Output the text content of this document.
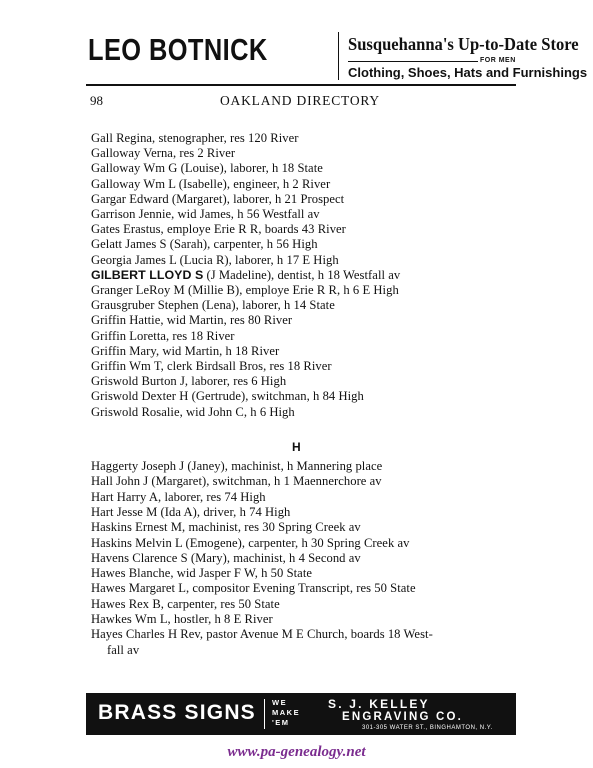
LEO BOTNICK	Susquehanna's Up-to-Date Store
FOR MEN
Clothing, Shoes, Hats and Furnishings
98	OAKLAND DIRECTORY
Gall Regina, stenographer, res 120 River
Galloway Verna, res 2 River
Galloway Wm G (Louise), laborer, h 18 State
Galloway Wm L (Isabelle), engineer, h 2 River
Gargar Edward (Margaret), laborer, h 21 Prospect
Garrison Jennie, wid James, h 56 Westfall av
Gates Erastus, employe Erie R R, boards 43 River
Gelatt James S (Sarah), carpenter, h 56 High
Georgia James L (Lucia R), laborer, h 17 E High
GILBERT LLOYD S (J Madeline), dentist, h 18 Westfall av
Granger LeRoy M (Millie B), employe Erie R R, h 6 E High
Grausgruber Stephen (Lena), laborer, h 14 State
Griffin Hattie, wid Martin, res 80 River
Griffin Loretta, res 18 River
Griffin Mary, wid Martin, h 18 River
Griffin Wm T, clerk Birdsall Bros, res 18 River
Griswold Burton J, laborer, res 6 High
Griswold Dexter H (Gertrude), switchman, h 84 High
Griswold Rosalie, wid John C, h 6 High
H
Haggerty Joseph J (Janey), machinist, h Mannering place
Hall John J (Margaret), switchman, h 1 Maennerchore av
Hart Harry A, laborer, res 74 High
Hart Jesse M (Ida A), driver, h 74 High
Haskins Ernest M, machinist, res 30 Spring Creek av
Haskins Melvin L (Emogene), carpenter, h 30 Spring Creek av
Havens Clarence S (Mary), machinist, h 4 Second av
Hawes Blanche, wid Jasper F W, h 50 State
Hawes Margaret L, compositor Evening Transcript, res 50 State
Hawes Rex B, carpenter, res 50 State
Hawkes Wm L, hostler, h 8 E River
Hayes Charles H Rev, pastor Avenue M E Church, boards 18 West-
fall av
BRASS SIGNS WE
MAKE
'EM
S. J. KELLEY
ENGRAVING CO.
301-305 WATER ST., BINGHAMTON, N.Y.
www.pa-genealogy.net
